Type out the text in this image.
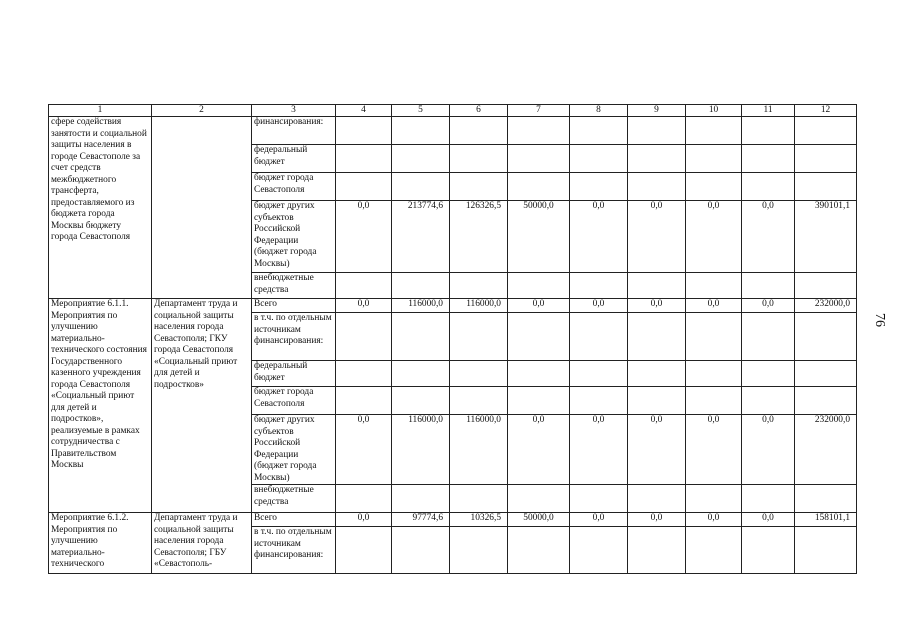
1	2	3	4	5	6	7	8	9	10	11	12
сфере содействия занятости и социальной защиты населения в городе Севастополе за счет средств межбюджетного трансферта, предоставляемого из бюджета города Москвы бюджету города Севастополя		финансирования:									
		федеральный бюджет									
		бюджет города Севастополя									
		бюджет других субъектов Российской Федерации (бюджет города Москвы)	0,0	213774,6	126326,5	50000,0	0,0	0,0	0,0	0,0	390101,1
		внебюджетные средства									
Мероприятие 6.1.1. Мероприятия по улучшению материально-технического состояния Государственного казенного учреждения города Севастополя «Социальный приют для детей и подростков», реализуемые в рамках сотрудничества с Правительством Москвы	Департамент труда и социальной защиты населения города Севастополя; ГКУ города Севастополя «Социальный приют для детей и подростков»	Всего	0,0	116000,0	116000,0	0,0	0,0	0,0	0,0	0,0	232000,0
		в т.ч. по отдельным источникам финансирования:									
		федеральный бюджет									
		бюджет города Севастополя									
		бюджет других субъектов Российской Федерации (бюджет города Москвы)	0,0	116000,0	116000,0	0,0	0,0	0,0	0,0	0,0	232000,0
		внебюджетные средства									
Мероприятие 6.1.2. Мероприятия по улучшению материально-технического	Департамент труда и социальной защиты населения города Севастополя; ГБУ «Севастополь-	Всего	0,0	97774,6	10326,5	50000,0	0,0	0,0	0,0	0,0	158101,1
		в т.ч. по отдельным источникам финансирования:									
76
